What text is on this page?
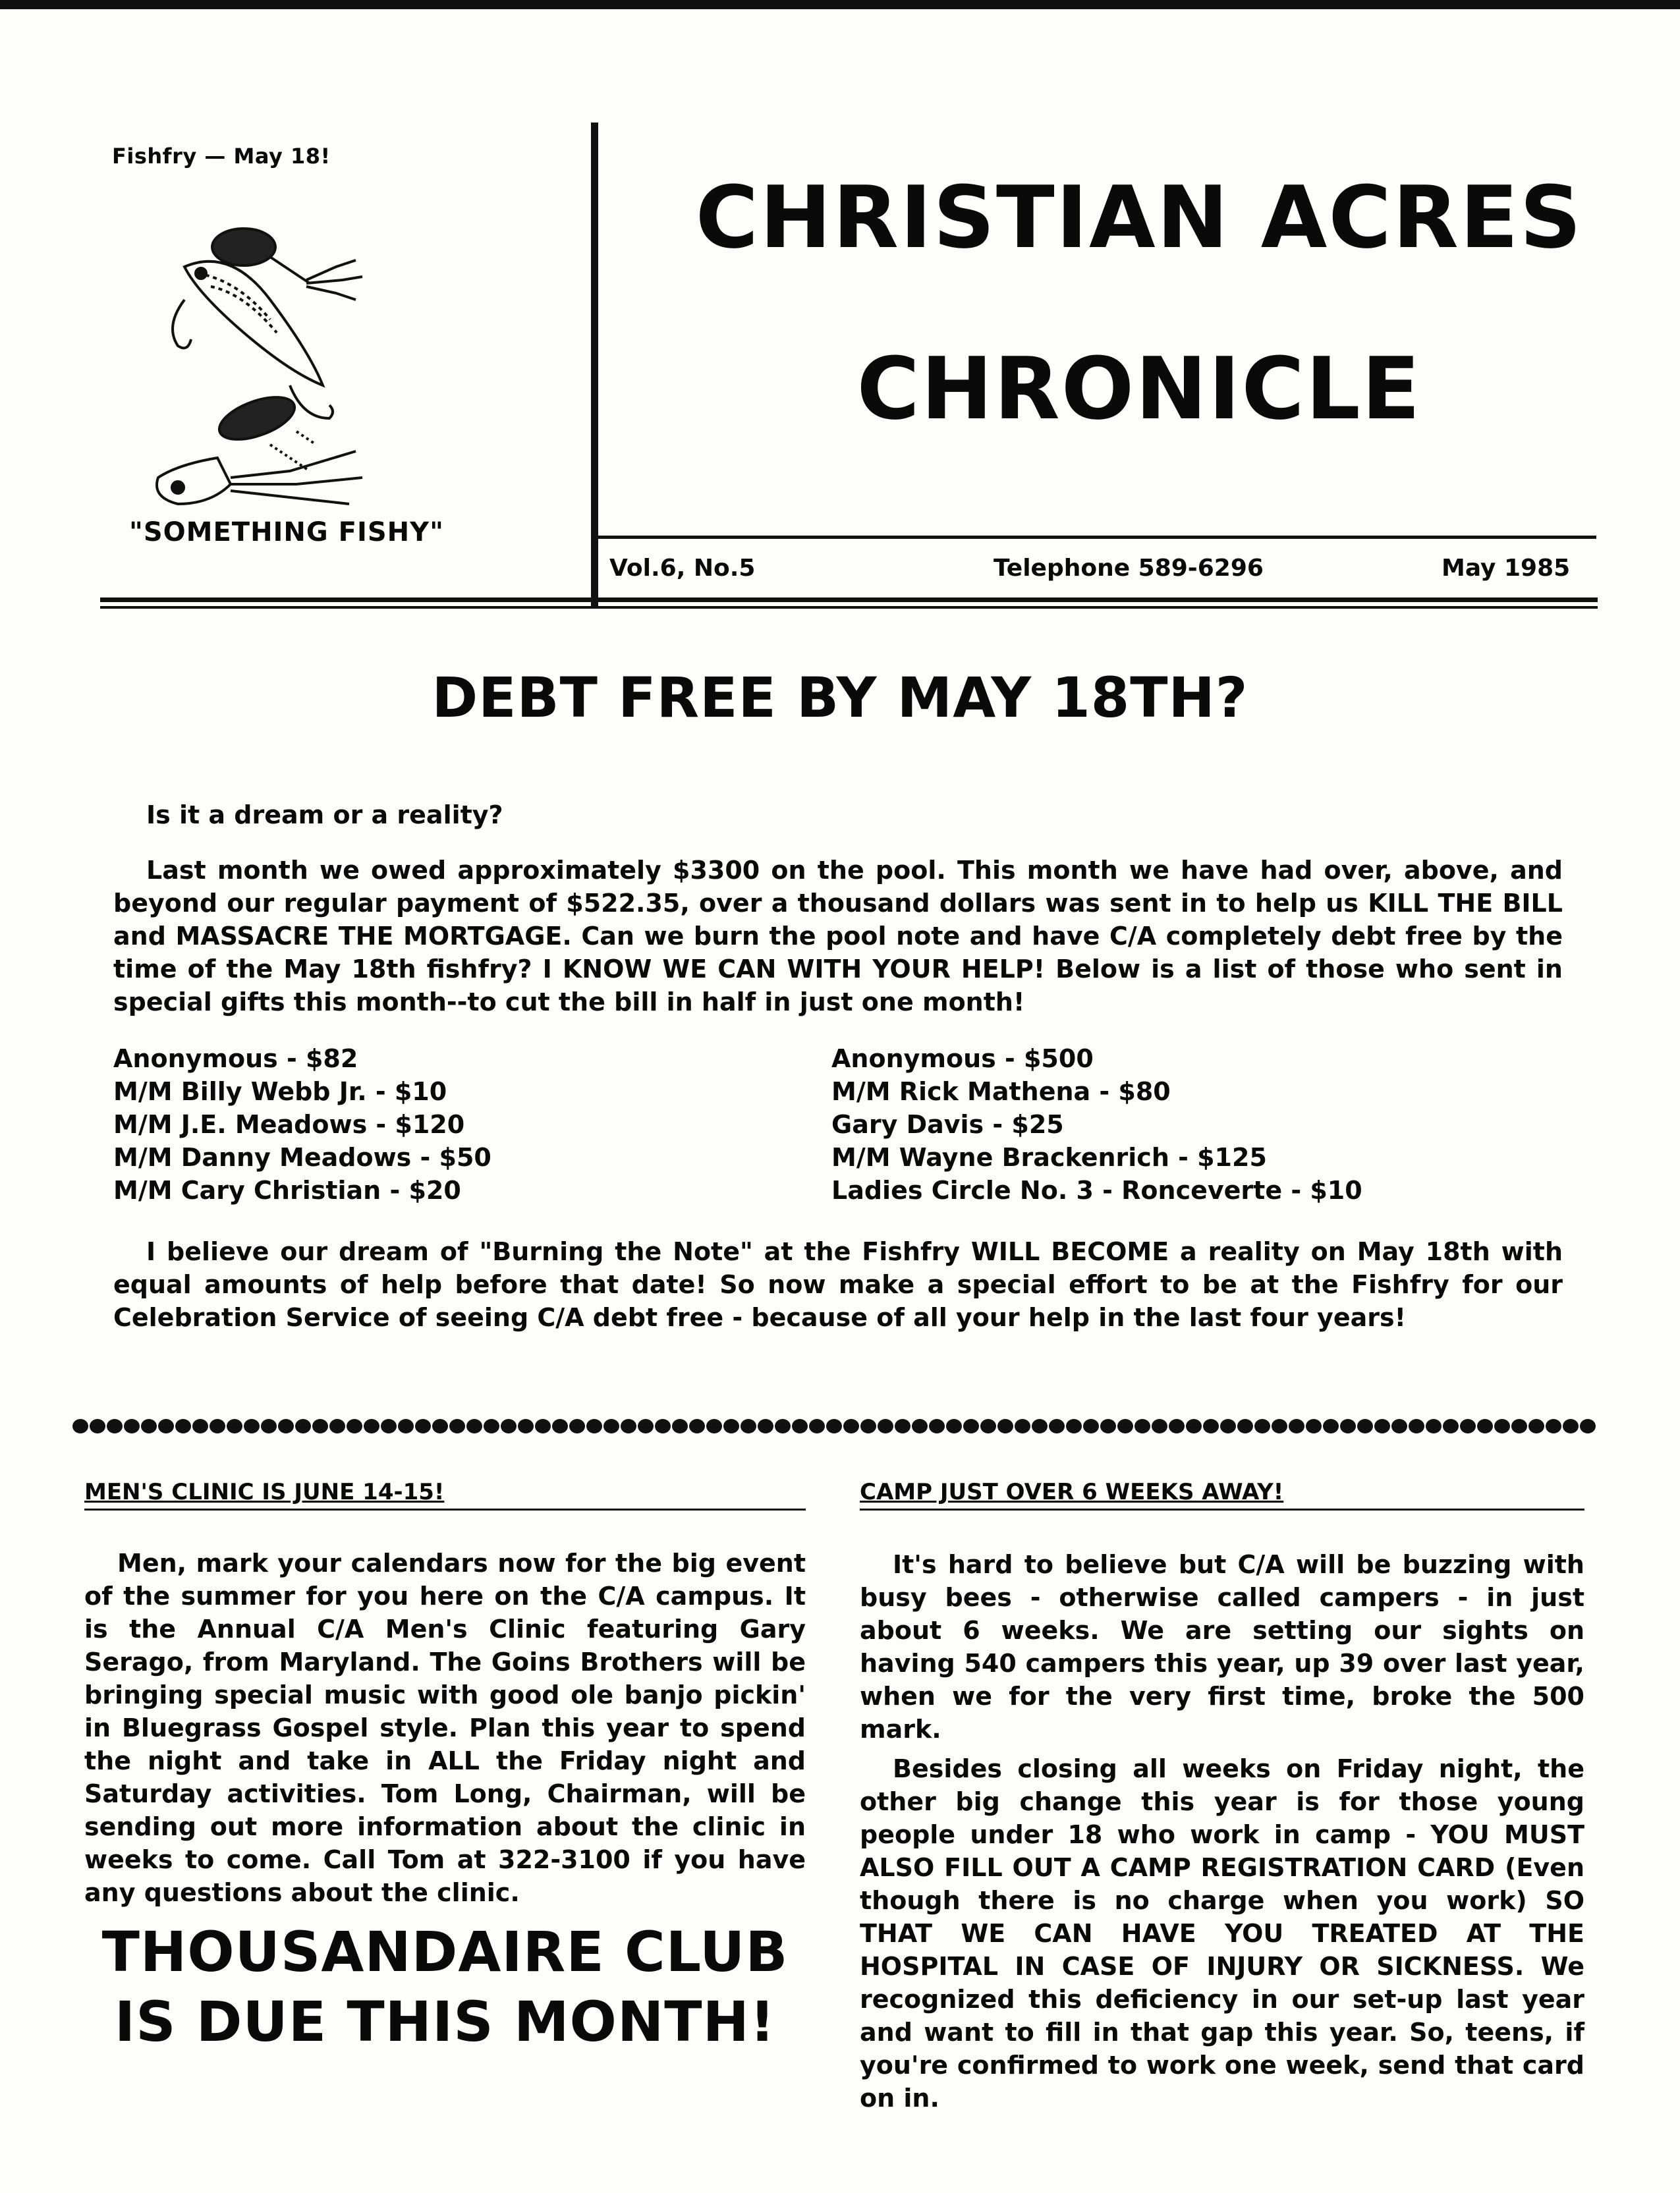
Fishfry — May 18!
"SOMETHING FISHY"
CHRISTIAN ACRES
CHRONICLE
Vol.6, No.5	Telephone 589-6296	May 1985
DEBT FREE BY MAY 18TH?
Is it a dream or a reality?
Last month we owed approximately $3300 on the pool. This month we have had over, above, and beyond our regular payment of $522.35, over a thousand dollars was sent in to help us KILL THE BILL and MASSACRE THE MORTGAGE. Can we burn the pool note and have C/A completely debt free by the time of the May 18th fishfry? I KNOW WE CAN WITH YOUR HELP! Below is a list of those who sent in special gifts this month--to cut the bill in half in just one month!
Anonymous - $82
M/M Billy Webb Jr. - $10
M/M J.E. Meadows - $120
M/M Danny Meadows - $50
M/M Cary Christian - $20
Anonymous - $500
M/M Rick Mathena - $80
Gary Davis - $25
M/M Wayne Brackenrich - $125
Ladies Circle No. 3 - Ronceverte - $10
I believe our dream of "Burning the Note" at the Fishfry WILL BECOME a reality on May 18th with equal amounts of help before that date! So now make a special effort to be at the Fishfry for our Celebration Service of seeing C/A debt free - because of all your help in the last four years!
MEN'S CLINIC IS JUNE 14-15!
Men, mark your calendars now for the big event of the summer for you here on the C/A campus. It is the Annual C/A Men's Clinic featuring Gary Serago, from Maryland. The Goins Brothers will be bringing special music with good ole banjo pickin' in Bluegrass Gospel style. Plan this year to spend the night and take in ALL the Friday night and Saturday activities. Tom Long, Chairman, will be sending out more information about the clinic in weeks to come. Call Tom at 322-3100 if you have any questions about the clinic.
THOUSANDAIRE CLUB
IS DUE THIS MONTH!
CAMP JUST OVER 6 WEEKS AWAY!
It's hard to believe but C/A will be buzzing with busy bees - otherwise called campers - in just about 6 weeks. We are setting our sights on having 540 campers this year, up 39 over last year, when we for the very first time, broke the 500 mark.
Besides closing all weeks on Friday night, the other big change this year is for those young people under 18 who work in camp - YOU MUST ALSO FILL OUT A CAMP REGISTRATION CARD (Even though there is no charge when you work) SO THAT WE CAN HAVE YOU TREATED AT THE HOSPITAL IN CASE OF INJURY OR SICKNESS. We recognized this deficiency in our set-up last year and want to fill in that gap this year. So, teens, if you're confirmed to work one week, send that card on in.
